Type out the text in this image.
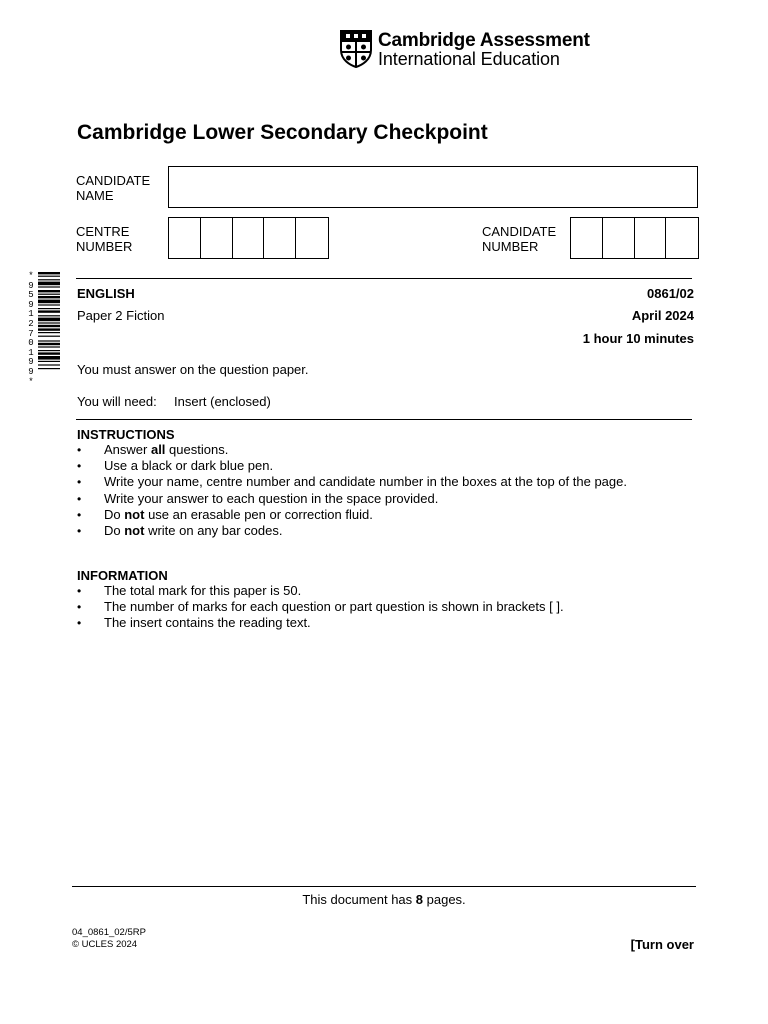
Cambridge Assessment
International Education
Cambridge Lower Secondary Checkpoint
CANDIDATE NAME
CENTRE NUMBER
CANDIDATE NUMBER
*9591270199*
ENGLISH
Paper 2 Fiction
0861/02
April 2024
1 hour 10 minutes
You must answer on the question paper.
You will need: Insert (enclosed)
INSTRUCTIONS
• Answer all questions.
• Use a black or dark blue pen.
• Write your name, centre number and candidate number in the boxes at the top of the page.
• Write your answer to each question in the space provided.
• Do not use an erasable pen or correction fluid.
• Do not write on any bar codes.
INFORMATION
• The total mark for this paper is 50.
• The number of marks for each question or part question is shown in brackets [ ].
• The insert contains the reading text.
This document has 8 pages.
04_0861_02/5RP
© UCLES 2024	[Turn over
